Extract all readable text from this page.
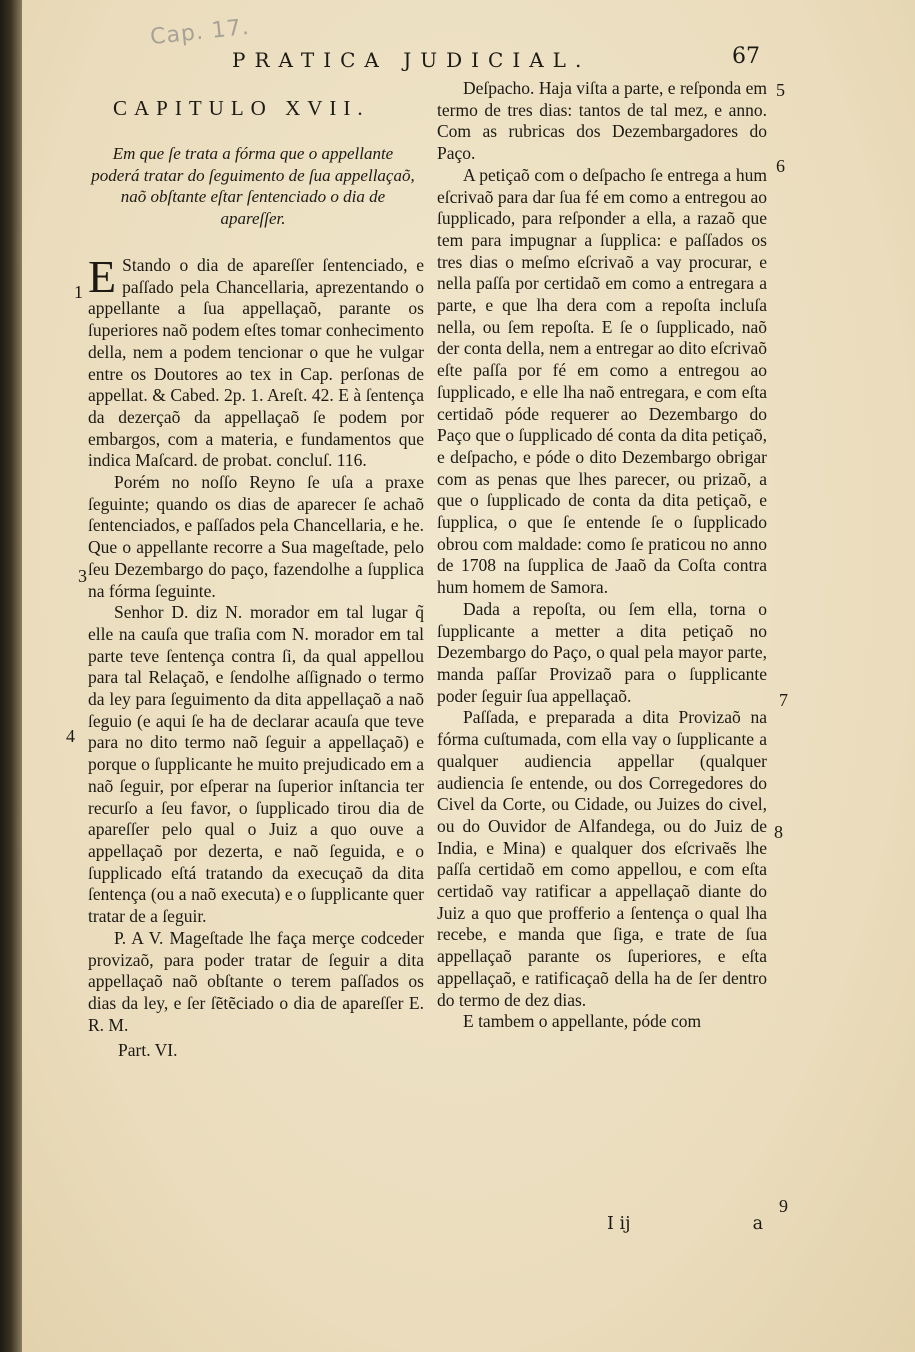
Cap. 17.
PRATICA JUDICIAL.	67
CAPITULO XVII.
Em que ſe trata a fórma que o appellante poderá tratar do ſeguimento de ſua appellaçaõ, naõ obſtante eſtar ſentenciado o dia de apareſſer.

E Stando o dia de apareſſer ſentenciado, e paſſado pela Chancellaria, aprezentando o appellante a ſua appellaçaõ, parante os ſuperiores naõ podem eſtes tomar conhecimento della, nem a podem tencionar o que he vulgar entre os Doutores ao tex in Cap. perſonas de appellat. & Cabed. 2p. 1. Areſt. 42. E à ſentença da dezerçaõ da appellaçaõ ſe podem por embargos, com a materia, e fundamentos que indica Maſcard. de probat. concluſ. 116.

Porém no noſſo Reyno ſe uſa a praxe ſeguinte; quando os dias de aparecer ſe achaõ ſentenciados, e paſſados pela Chancellaria, e he. Que o appellante recorre a Sua mageſtade, pelo ſeu Dezembargo do paço, fazendolhe a ſupplica na fórma ſeguinte.

Senhor D. diz N. morador em tal lugar q̃ elle na cauſa que traſia com N. morador em tal parte teve ſentença contra ſi, da qual appellou para tal Relaçaõ, e ſendolhe aſſignado o termo da ley para ſeguimento da dita appellaçaõ a naõ ſeguio (e aqui ſe ha de declarar acauſa que teve para no dito termo naõ ſeguir a appellaçaõ) e porque o ſupplicante he muito prejudicado em a naõ ſeguir, por eſperar na ſuperior inſtancia ter recurſo a ſeu favor, o ſupplicado tirou dia de apareſſer pelo qual o Juiz a quo ouve a appellaçaõ por dezerta, e naõ ſeguida, e o ſupplicado eſtá tratando da execuçaõ da dita ſentença (ou a naõ executa) e o ſupplicante quer tratar de a ſeguir.

P. A V. Mageſtade lhe faça merçe codceder provizaõ, para poder tratar de ſeguir a dita appellaçaõ naõ obſtante o terem paſſados os dias da ley, e ſer ſẽtẽciado o dia de apareſſer E. R. M.

Part. VI.
1
3
4

Deſpacho. Haja viſta a parte, e reſponda em termo de tres dias: tantos de tal mez, e anno. Com as rubricas dos Dezembargadores do Paço.

A petiçaõ com o deſpacho ſe entrega a hum eſcrivaõ para dar ſua fé em como a entregou ao ſupplicado, para reſponder a ella, a razaõ que tem para impugnar a ſupplica: e paſſados os tres dias o meſmo eſcrivaõ a vay procurar, e nella paſſa por certidaõ em como a entregara a parte, e que lha dera com a repoſta incluſa nella, ou ſem repoſta. E ſe o ſupplicado, naõ der conta della, nem a entregar ao dito eſcrivaõ eſte paſſa por fé em como a entregou ao ſupplicado, e elle lha naõ entregara, e com eſta certidaõ póde requerer ao Dezembargo do Paço que o ſupplicado dé conta da dita petiçaõ, e deſpacho, e póde o dito Dezembargo obrigar com as penas que lhes parecer, ou prizaõ, a que o ſupplicado de conta da dita petiçaõ, e ſupplica, o que ſe entende ſe o ſupplicado obrou com maldade: como ſe praticou no anno de 1708 na ſupplica de Jaaõ da Coſta contra hum homem de Samora.

Dada a repoſta, ou ſem ella, torna o ſupplicante a metter a dita petiçaõ no Dezembargo do Paço, o qual pela mayor parte, manda paſſar Provizaõ para o ſupplicante poder ſeguir ſua appellaçaõ.

Paſſada, e preparada a dita Provizaõ na fórma cuſtumada, com ella vay o ſupplicante a qualquer audiencia appellar (qualquer audiencia ſe entende, ou dos Corregedores do Civel da Corte, ou Cidade, ou Juizes do civel, ou do Ouvidor de Alfandega, ou do Juiz de India, e Mina) e qualquer dos eſcrivaẽs lhe paſſa certidaõ em como appellou, e com eſta certidaõ vay ratificar a appellaçaõ diante do Juiz a quo que profferio a ſentença o qual lha recebe, e manda que ſiga, e trate de ſua appellaçaõ parante os ſuperiores, e eſta appellaçaõ, e ratificaçaõ della ha de ſer dentro do termo de dez dias.

E tambem o appellante, póde com

I ij	a
5
6
7
8
9
